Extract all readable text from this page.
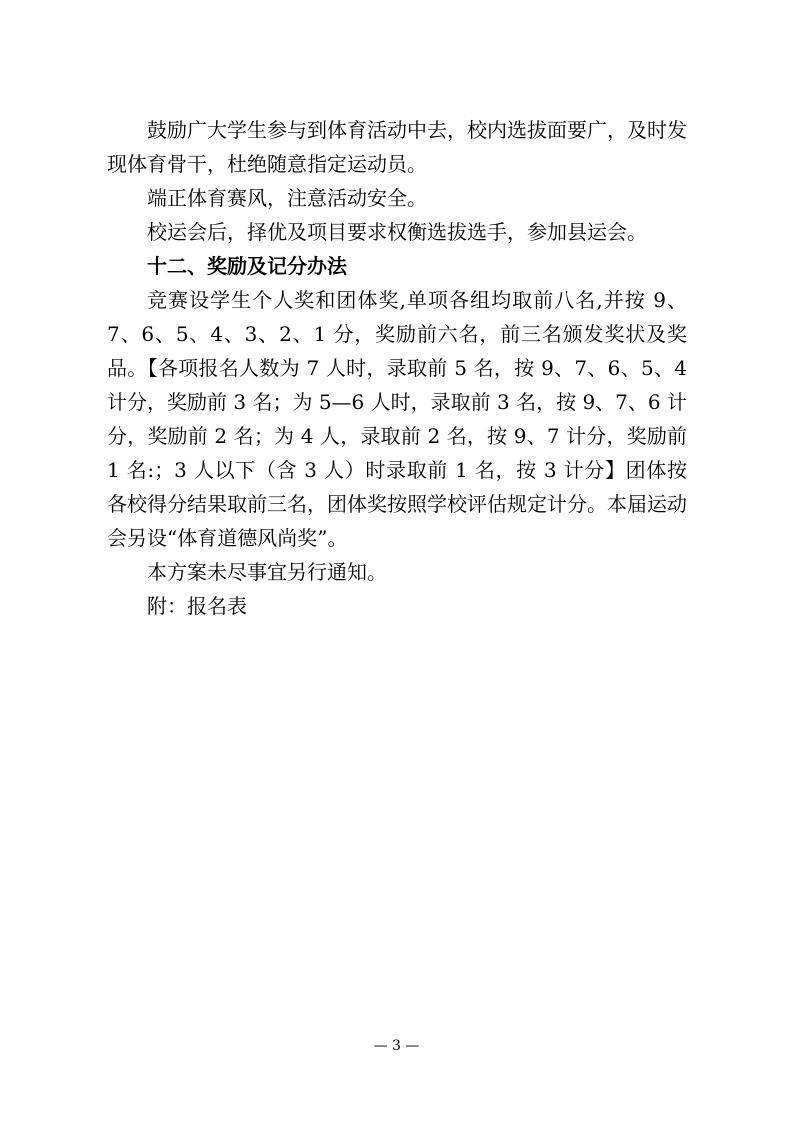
鼓励广大学生参与到体育活动中去，校内选拔面要广，及时发现体育骨干，杜绝随意指定运动员。

端正体育赛风，注意活动安全。

校运会后，择优及项目要求权衡选拔选手，参加县运会。

十二、奖励及记分办法

竞赛设学生个人奖和团体奖,单项各组均取前八名,并按 9、7、6、5、4、3、2、1 分，奖励前六名，前三名颁发奖状及奖品。【各项报名人数为 7 人时，录取前 5 名，按 9、7、6、5、4 计分，奖励前 3 名；为 5—6 人时，录取前 3 名，按 9、7、6 计分，奖励前 2 名；为 4 人，录取前 2 名，按 9、7 计分，奖励前 1 名:；3 人以下（含 3 人）时录取前 1 名，按 3 计分】团体按各校得分结果取前三名，团体奖按照学校评估规定计分。本届运动会另设“体育道德风尚奖”。

本方案未尽事宜另行通知。

附：报名表

— 3 —
